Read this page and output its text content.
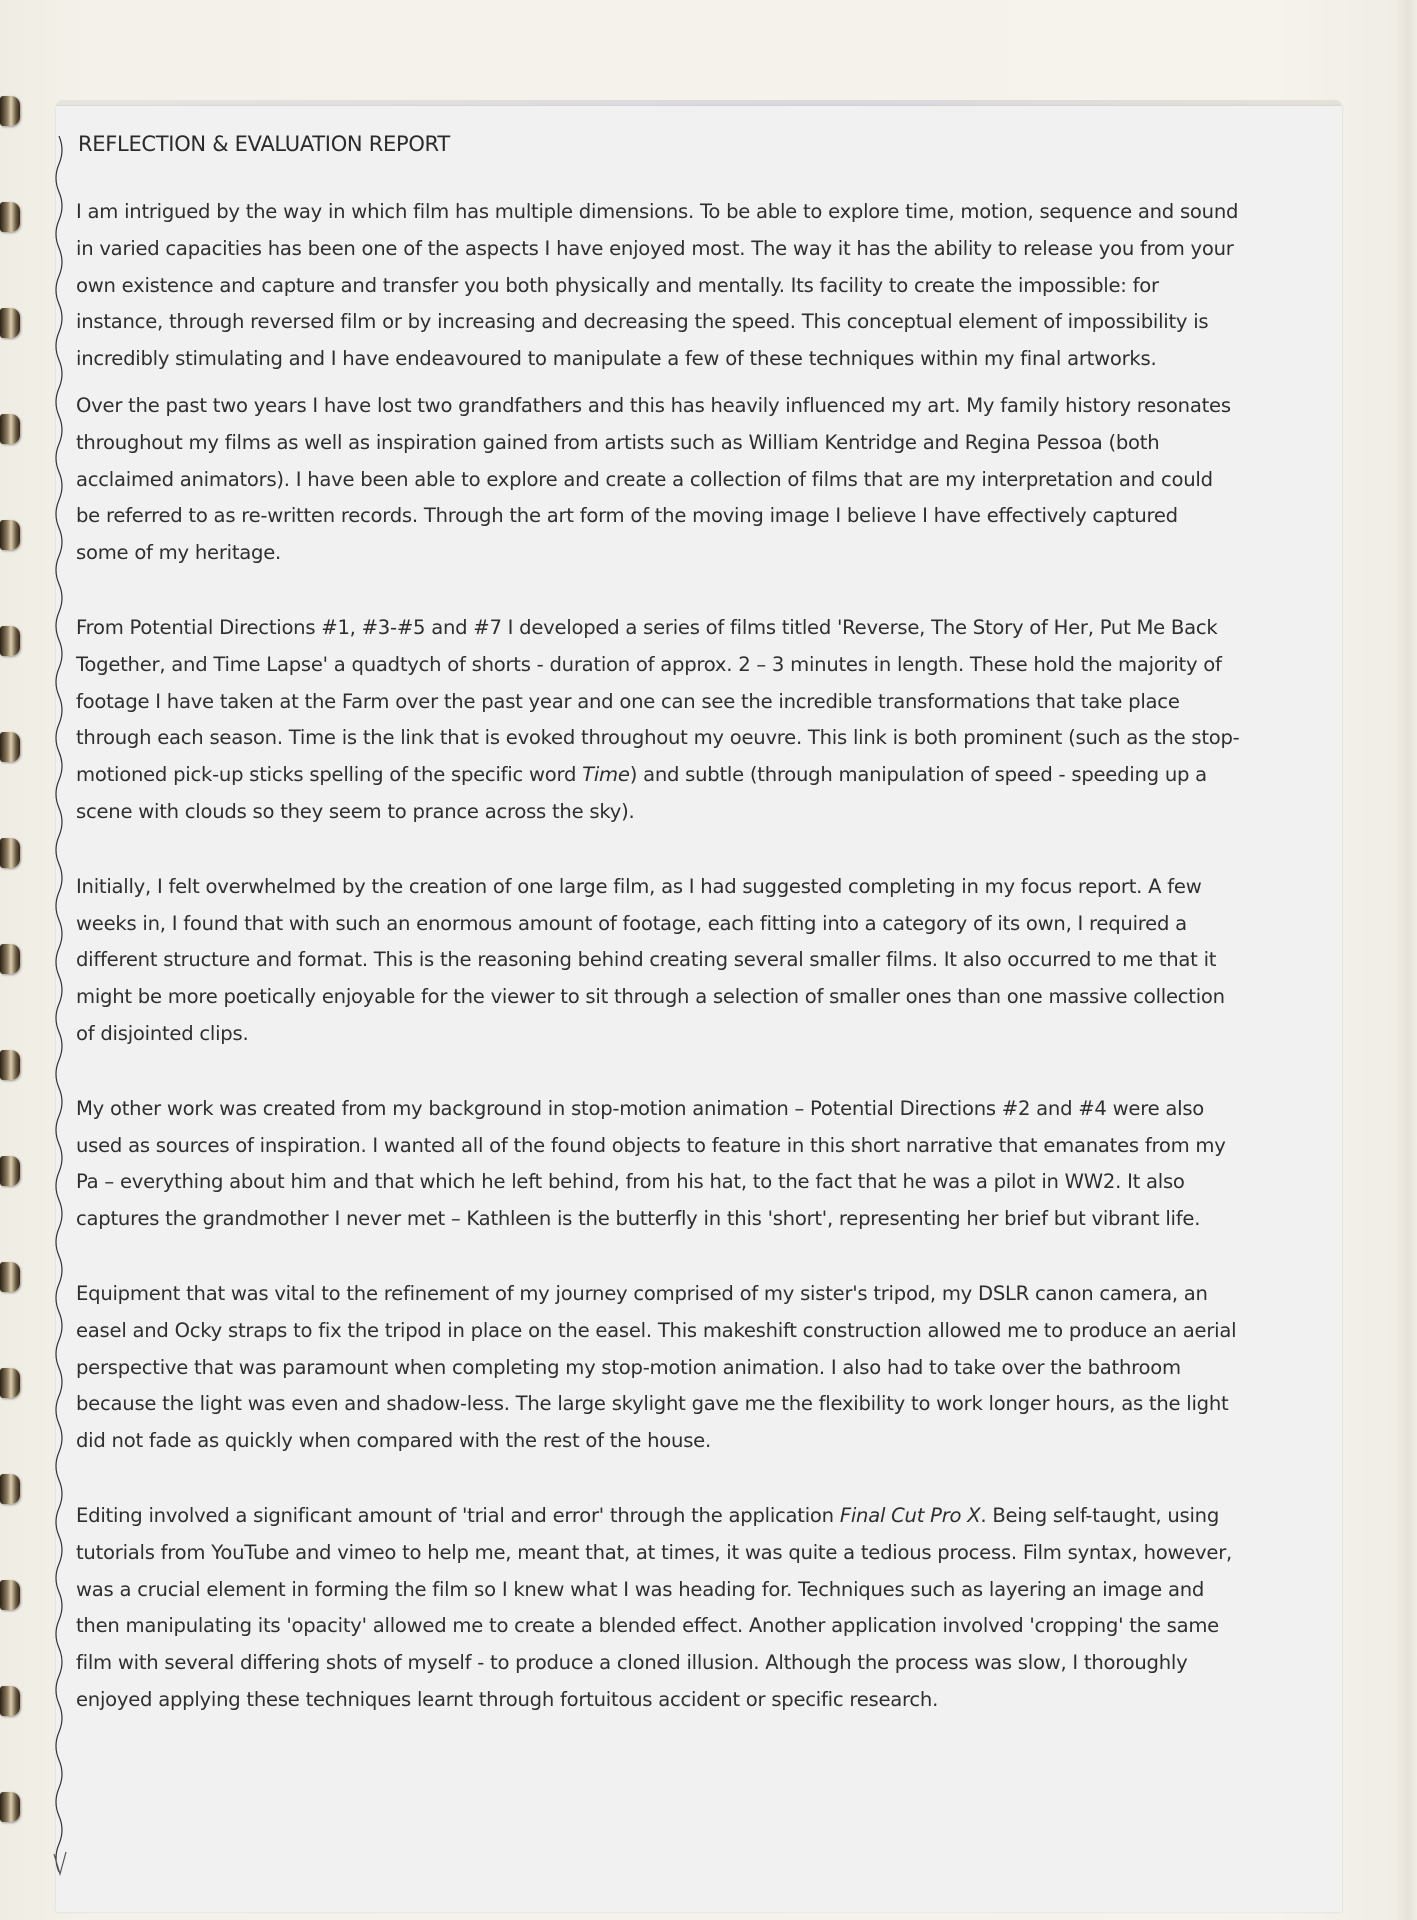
REFLECTION & EVALUATION REPORT

I am intrigued by the way in which film has multiple dimensions. To be able to explore time, motion, sequence and sound
in varied capacities has been one of the aspects I have enjoyed most. The way it has the ability to release you from your
own existence and capture and transfer you both physically and mentally. Its facility to create the impossible: for
instance, through reversed film or by increasing and decreasing the speed. This conceptual element of impossibility is
incredibly stimulating and I have endeavoured to manipulate a few of these techniques within my final artworks.

Over the past two years I have lost two grandfathers and this has heavily influenced my art. My family history resonates
throughout my films as well as inspiration gained from artists such as William Kentridge and Regina Pessoa (both
acclaimed animators). I have been able to explore and create a collection of films that are my interpretation and could
be referred to as re-written records. Through the art form of the moving image I believe I have effectively captured
some of my heritage.

From Potential Directions #1, #3-#5 and #7 I developed a series of films titled 'Reverse, The Story of Her, Put Me Back
Together, and Time Lapse' a quadtych of shorts - duration of approx. 2 – 3 minutes in length. These hold the majority of
footage I have taken at the Farm over the past year and one can see the incredible transformations that take place
through each season. Time is the link that is evoked throughout my oeuvre. This link is both prominent (such as the stop-
motioned pick-up sticks spelling of the specific word Time) and subtle (through manipulation of speed - speeding up a
scene with clouds so they seem to prance across the sky).

Initially, I felt overwhelmed by the creation of one large film, as I had suggested completing in my focus report. A few
weeks in, I found that with such an enormous amount of footage, each fitting into a category of its own, I required a
different structure and format. This is the reasoning behind creating several smaller films. It also occurred to me that it
might be more poetically enjoyable for the viewer to sit through a selection of smaller ones than one massive collection
of disjointed clips.

My other work was created from my background in stop-motion animation – Potential Directions #2 and #4 were also
used as sources of inspiration. I wanted all of the found objects to feature in this short narrative that emanates from my
Pa – everything about him and that which he left behind, from his hat, to the fact that he was a pilot in WW2. It also
captures the grandmother I never met – Kathleen is the butterfly in this 'short', representing her brief but vibrant life.

Equipment that was vital to the refinement of my journey comprised of my sister's tripod, my DSLR canon camera, an
easel and Ocky straps to fix the tripod in place on the easel. This makeshift construction allowed me to produce an aerial
perspective that was paramount when completing my stop-motion animation. I also had to take over the bathroom
because the light was even and shadow-less. The large skylight gave me the flexibility to work longer hours, as the light
did not fade as quickly when compared with the rest of the house.

Editing involved a significant amount of 'trial and error' through the application Final Cut Pro X. Being self-taught, using
tutorials from YouTube and vimeo to help me, meant that, at times, it was quite a tedious process. Film syntax, however,
was a crucial element in forming the film so I knew what I was heading for. Techniques such as layering an image and
then manipulating its 'opacity' allowed me to create a blended effect. Another application involved 'cropping' the same
film with several differing shots of myself - to produce a cloned illusion. Although the process was slow, I thoroughly
enjoyed applying these techniques learnt through fortuitous accident or specific research.
